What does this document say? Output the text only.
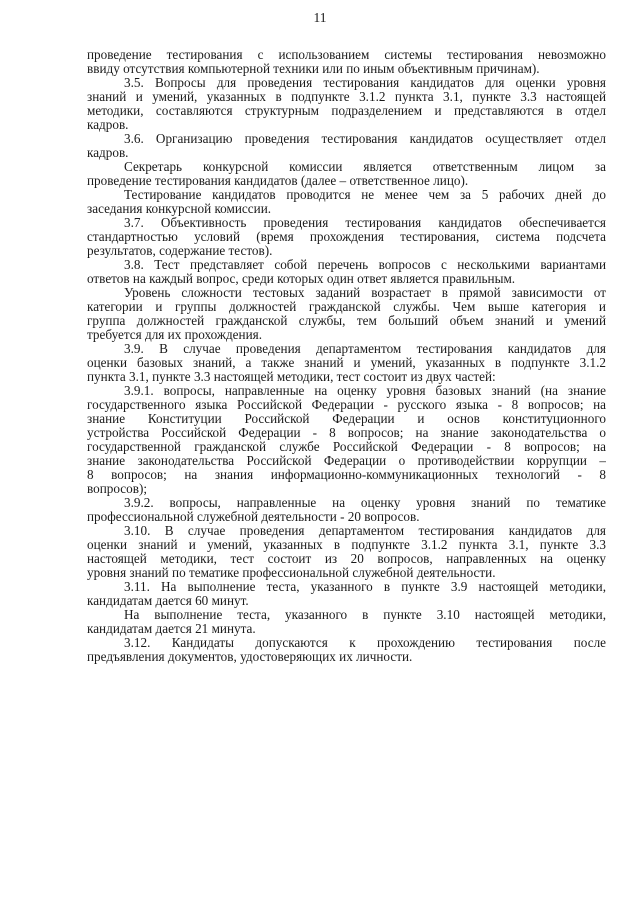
11
проведение тестирования с использованием системы тестирования невозможно
ввиду отсутствия компьютерной техники или по иным объективным причинам).
3.5. Вопросы для проведения тестирования кандидатов для оценки уровня
знаний и умений, указанных в подпункте 3.1.2 пункта 3.1, пункте 3.3 настоящей
методики, составляются структурным подразделением и представляются в отдел
кадров.
3.6. Организацию проведения тестирования кандидатов осуществляет отдел
кадров.
Секретарь конкурсной комиссии является ответственным лицом за
проведение тестирования кандидатов (далее – ответственное лицо).
Тестирование кандидатов проводится не менее чем за 5 рабочих дней до
заседания конкурсной комиссии.
3.7. Объективность проведения тестирования кандидатов обеспечивается
стандартностью условий (время прохождения тестирования, система подсчета
результатов, содержание тестов).
3.8. Тест представляет собой перечень вопросов с несколькими вариантами
ответов на каждый вопрос, среди которых один ответ является правильным.
Уровень сложности тестовых заданий возрастает в прямой зависимости от
категории и группы должностей гражданской службы. Чем выше категория и
группа должностей гражданской службы, тем больший объем знаний и умений
требуется для их прохождения.
3.9. В случае проведения департаментом тестирования кандидатов для
оценки базовых знаний, а также знаний и умений, указанных в подпункте 3.1.2
пункта 3.1, пункте 3.3 настоящей методики, тест состоит из двух частей:
3.9.1. вопросы, направленные на оценку уровня базовых знаний (на знание
государственного языка Российской Федерации - русского языка - 8 вопросов; на
знание Конституции Российской Федерации и основ конституционного
устройства Российской Федерации - 8 вопросов; на знание законодательства о
государственной гражданской службе Российской Федерации - 8 вопросов; на
знание законодательства Российской Федерации о противодействии коррупции –
8 вопросов; на знания информационно-коммуникационных технологий - 8
вопросов);
3.9.2. вопросы, направленные на оценку уровня знаний по тематике
профессиональной служебной деятельности - 20 вопросов.
3.10. В случае проведения департаментом тестирования кандидатов для
оценки знаний и умений, указанных в подпункте 3.1.2 пункта 3.1, пункте 3.3
настоящей методики, тест состоит из 20 вопросов, направленных на оценку
уровня знаний по тематике профессиональной служебной деятельности.
3.11. На выполнение теста, указанного в пункте 3.9 настоящей методики,
кандидатам дается 60 минут.
На выполнение теста, указанного в пункте 3.10 настоящей методики,
кандидатам дается 21 минута.
3.12. Кандидаты допускаются к прохождению тестирования после
предъявления документов, удостоверяющих их личности.
